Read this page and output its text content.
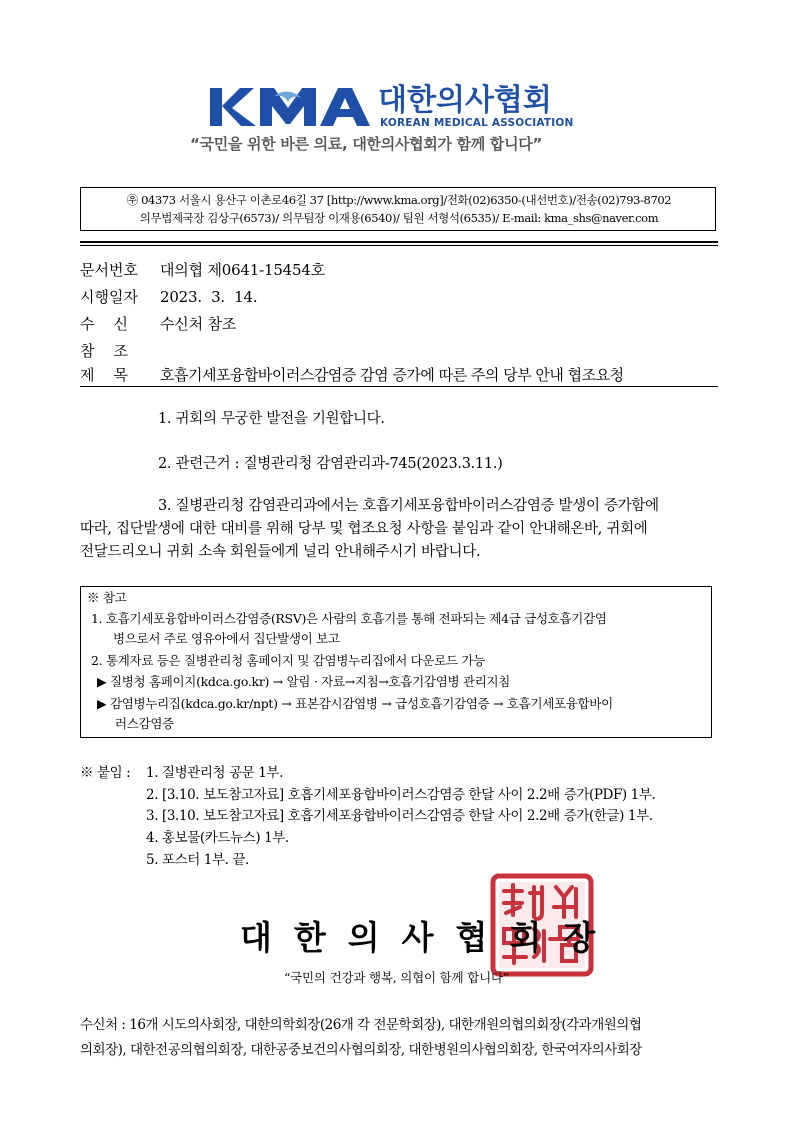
대한의사협회
KOREAN MEDICAL ASSOCIATION
“국민을 위한 바른 의료, 대한의사협회가 함께 합니다”
㉾ 04373 서울시 용산구 이촌로46길 37 [http://www.kma.org]/전화(02)6350-(내선번호)/전송(02)793-8702
의무법제국장 김상구(6573)/ 의무팀장 이재용(6540)/ 팀원 서형석(6535)/ E-mail: kma_shs@naver.com
문서번호 대의협 제0641-15454호
시행일자 2023.  3.  14.
수    신 수신처 참조
참    조
제    목 호흡기세포융합바이러스감염증 감염 증가에 따른 주의 당부 안내 협조요청
1. 귀회의 무궁한 발전을 기원합니다.
2. 관련근거 : 질병관리청 감염관리과-745(2023.3.11.)
3. 질병관리청 감염관리과에서는 호흡기세포융합바이러스감염증 발생이 증가함에
따라, 집단발생에 대한 대비를 위해 당부 및 협조요청 사항을 붙임과 같이 안내해온바, 귀회에
전달드리오니 귀회 소속 회원들에게 널리 안내해주시기 바랍니다.
※ 참고
1. 호흡기세포융합바이러스감염증(RSV)은 사람의 호흡기를 통해 전파되는 제4급 급성호흡기감염
병으로서 주로 영유아에서 집단발생이 보고
2. 통계자료 등은 질병관리청 홈페이지 및 감염병누리집에서 다운로드 가능
▶ 질병청 홈페이지(kdca.go.kr) → 알림 · 자료→지침→호흡기감염병 관리지침
▶ 감염병누리집(kdca.go.kr/npt) → 표본감시감염병 → 급성호흡기감염증 → 호흡기세포융합바이
러스감염증
※ 붙임 : 1. 질병관리청 공문 1부.
2. [3.10. 보도참고자료] 호흡기세포융합바이러스감염증 한달 사이 2.2배 증가(PDF) 1부.
3. [3.10. 보도참고자료] 호흡기세포융합바이러스감염증 한달 사이 2.2배 증가(한글) 1부.
4. 홍보물(카드뉴스) 1부.
5. 포스터 1부. 끝.
대한의사협회장
“국민의 건강과 행복, 의협이 함께 합니다”
수신처 : 16개 시도의사회장, 대한의학회장(26개 각 전문학회장), 대한개원의협의회장(각과개원의협
의회장), 대한전공의협의회장, 대한공중보건의사협의회장, 대한병원의사협의회장, 한국여자의사회장
